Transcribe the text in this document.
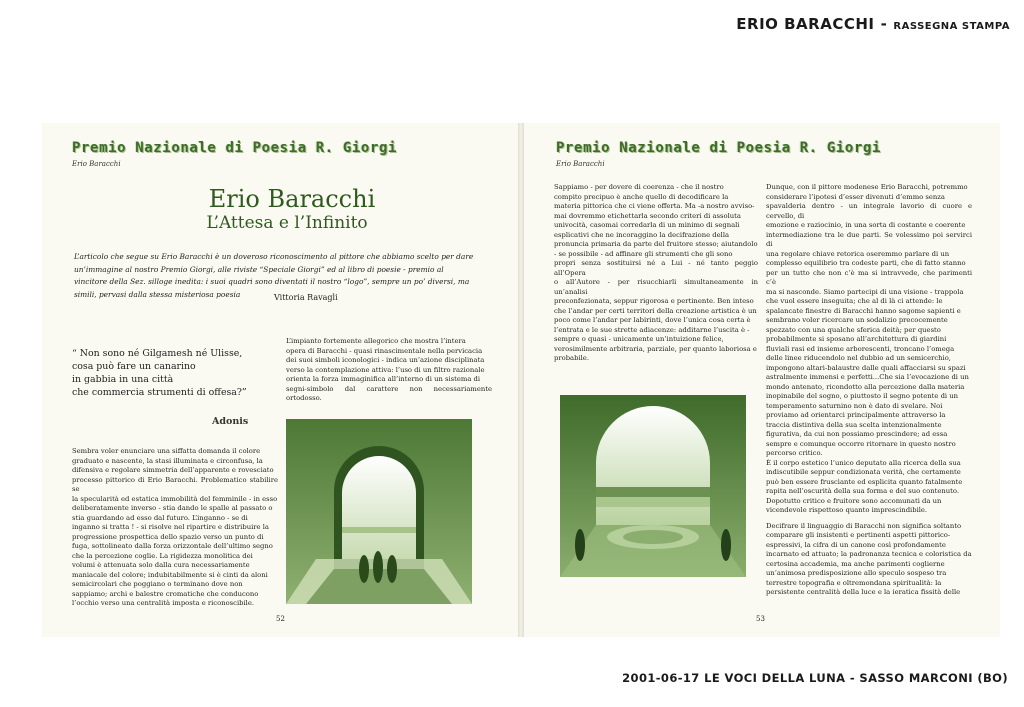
ERIO BARACCHI - RASSEGNA STAMPA
Premio Nazionale di Poesia R. Giorgi
Erio Baracchi
Erio Baracchi
L’Attesa e l’Infinito
L’articolo che segue su Erio Baracchi è un doveroso riconoscimento al pittore che abbiamo scelto per dare
un’immagine al nostro Premio Giorgi, alle riviste “Speciale Giorgi” ed al libro di poesie - premio al
vincitore della Sez. silloge inedita: i suoi quadri sono diventati il nostro “logo”, sempre un po’ diversi, ma
simili, pervasi dalla stessa misteriosa poesia	Vittoria Ravagli
“ Non sono né Gilgamesh né Ulisse,
cosa può fare un canarino
in gabbia in una città
che commercia strumenti di offesa?”
Adonis
L’impianto fortemente allegorico che mostra l’intera
opera di Baracchi - quasi rinascimentale nella pervicacia
dei suoi simboli iconologici - indica un’azione disciplinata
verso la contemplazione attiva: l’uso di un filtro razionale
orienta la forza immaginifica all’interno di un sistema di
segni-simbolo dal carattere non necessariamente ortodosso.
Sembra voler enunciare una siffatta domanda il colore
graduato e nascente, la stasi illuminata e circonfusa, la
difensiva e regolare simmetria dell’apparente e rovesciato
processo pittorico di Erio Baracchi. Problematico stabilire se
la specularità ed estatica immobilità del femminile - in esso
deliberatamente inverso - stia dando le spalle al passato o
stia guardando ad esso dal futuro. L’inganno - se di
inganno si tratta ! - si risolve nel ripartire e distribuire la
progressione prospettica dello spazio verso un punto di
fuga, sottolineato dalla forza orizzontale dell’ultimo segno
che la percezione coglie. La rigidezza monolitica dei
volumi è attenuata solo dalla cura necessariamente
maniacale del colore; indubitabilmente si è cinti da aloni
semicircolari che poggiano o terminano dove non
sappiamo; archi e balestre cromatiche che conducono
l’occhio verso una centralità imposta e riconoscibile.
52
Premio Nazionale di Poesia R. Giorgi
Erio Baracchi
Sappiamo - per dovere di coerenza - che il nostro
compito precipuo è anche quello di decodificare la
materia pittorica che ci viene offerta. Ma -a nostro avviso-
mai dovremmo etichettarla secondo criteri di assoluta
univocità, casomai corredarla di un minimo di segnali
esplicativi che ne incoraggino la decifrazione della
pronuncia primaria da parte del fruitore stesso; aiutandolo
- se possibile - ad affinare gli strumenti che gli sono
propri senza sostituirsi né a Lui - né tanto peggio all’Opera
o all’Autore - per risucchiarli simultaneamente in un’analisi
preconfezionata, seppur rigorosa e pertinente. Ben inteso
che l’andar per certi territori della creazione artistica è un
poco come l’andar per labirinti, dove l’unica cosa certa è
l’entrata e le sue strette adiacenze: additarne l’uscita è -
sempre o quasi - unicamente un’intuizione felice,
verosimilmente arbitraria, parziale, per quanto laboriosa e
probabile.
Dunque, con il pittore modenese Erio Baracchi, potremmo
considerare l’ipotesi d’esser divenuti d’emmo senza
spavalderia dentro - un integrale lavorio di cuore e cervello, di
emozione e raziocinio, in una sorta di costante e coerente
intermediazione tra le due parti. Se volessimo poi servirci di
una regolare chiave retorica oseremmo parlare di un
complesso equilibrio tra codeste parti, che di fatto stanno
per un tutto che non c’è ma si intravvede, che parimenti c’è
ma si nasconde. Siamo partecipi di una visione - trappola
che vuol essere inseguita; che al di là ci attende: le
spalancate finestre di Baracchi hanno sagome sapienti e
sembrano voler ricercare un sodalizio precocemente
spezzato con una qualche sferica deità; per questo
probabilmente si sposano all’architettura di giardini
fluviali rasi ed insieme arborescenti, troncano l’omega
delle linee riducendolo nel dubbio ad un semicerchio,
impongono altari-balaustre dalle quali affacciarsi su spazi
astralmente immensi e perfetti...Che sia l’evocazione di un
mondo antenato, ricondotto alla percezione dalla materia
inopinabile del sogno, o piuttosto il segno potente di un
temperamento saturnino non è dato di svelare. Noi
proviamo ad orientarci principalmente attraverso la
traccia distintiva della sua scelta intenzionalmente
figurativa, da cui non possiamo prescindere; ad essa
sempre e comunque occorre ritornare in questo nostro
percorso critico.
È il corpo estetico l’unico deputato alla ricerca della sua
indiscutibile seppur condizionata verità, che certamente
può ben essere fruscìante ed esplicita quanto fatalmente
rapita nell’oscurità della sua forma e del suo contenuto.
Dopotutto critico e fruitore sono accomunati da un
vicendevole rispettoso quanto imprescindibile.
Decifrare il linguaggio di Baracchi non significa soltanto
comparare gli insistenti e pertinenti aspetti pittorico-
espressivi, la cifra di un canone così profondamente
incarnato ed attuato; la padronanza tecnica e coloristica da
certosina accademia, ma anche parimenti coglierne
un’animosa predisposizione allo speculo sospeso tra
terrestre topografia e oltremondana spiritualità: la
persistente centralità della luce e la ieratica fissità delle
53
2001-06-17 LE VOCI DELLA LUNA - SASSO MARCONI (BO)
